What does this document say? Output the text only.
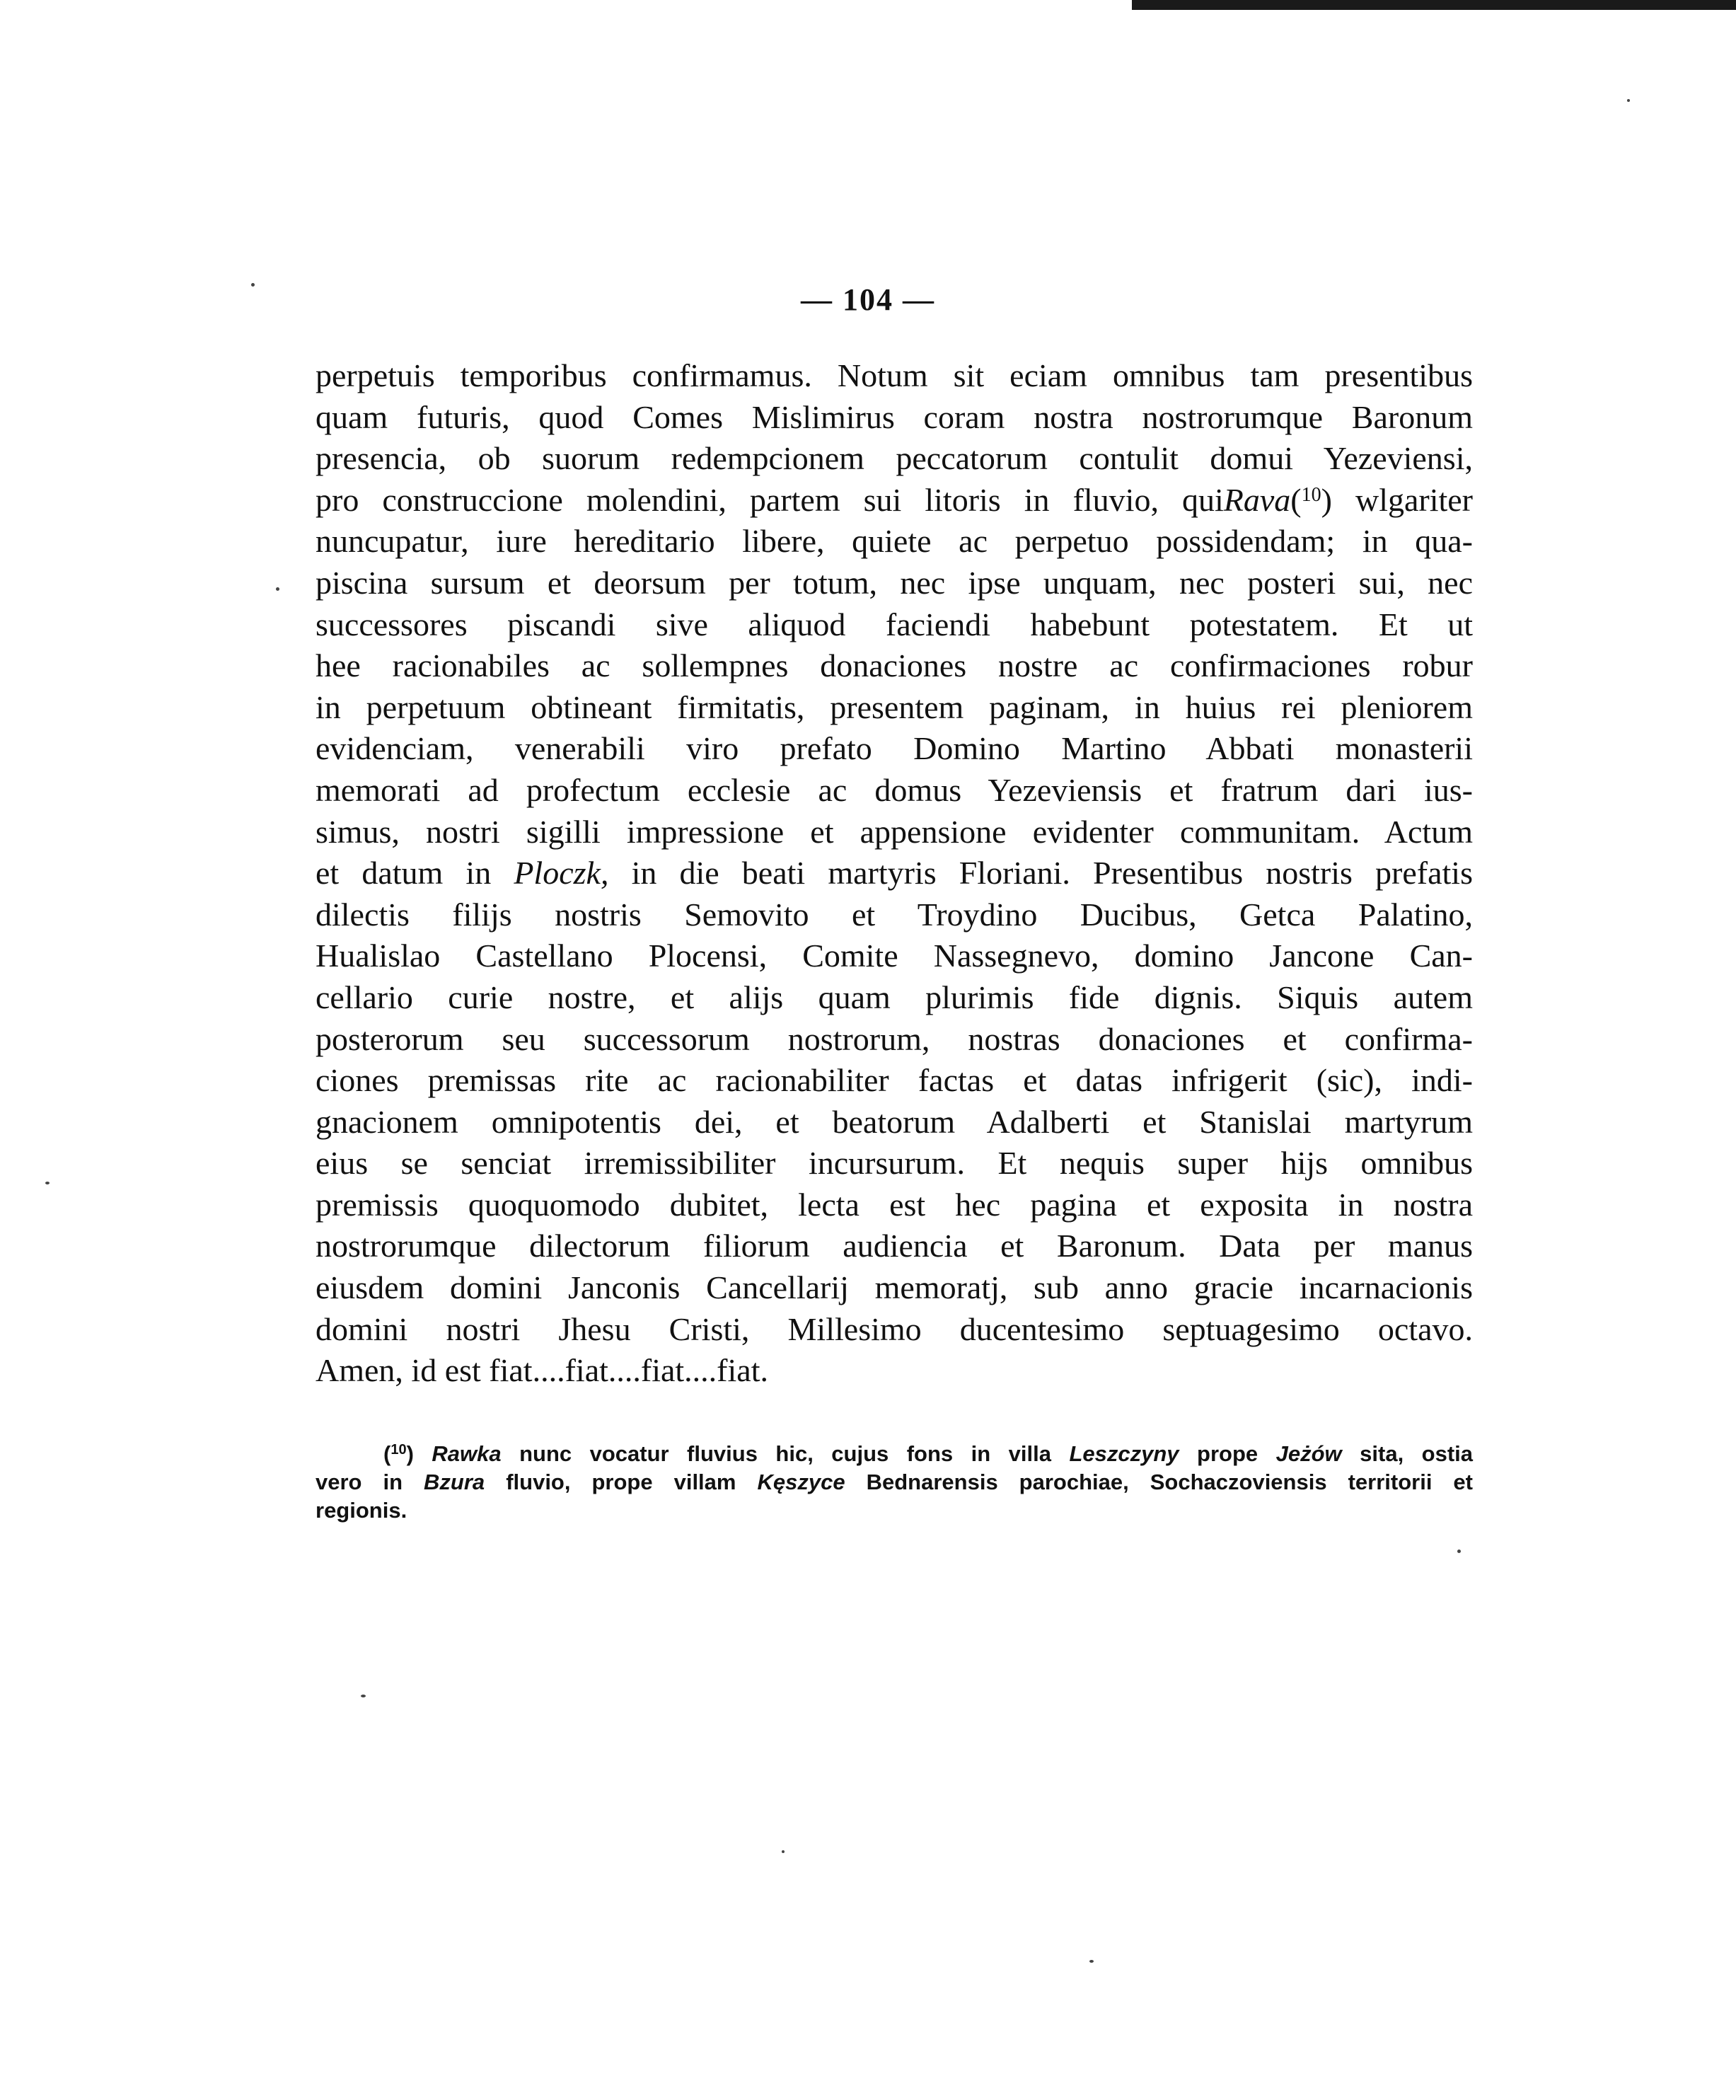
— 104 —
perpetuis temporibus confirmamus. Notum sit eciam omnibus tam presentibus
quam futuris, quod Comes Mislimirus coram nostra nostrorumque Baronum
presencia, ob suorum redempcionem peccatorum contulit domui Yezeviensi,
pro construccione molendini, partem sui litoris in fluvio, quiRava($^{10}$) wlgariter
nuncupatur, iure hereditario libere, quiete ac perpetuo possidendam; in qua-
piscina sursum et deorsum per totum, nec ipse unquam, nec posteri sui, nec
successores piscandi sive aliquod faciendi habebunt potestatem. Et ut
hee racionabiles ac sollempnes donaciones nostre ac confirmaciones robur
in perpetuum obtineant firmitatis, presentem paginam, in huius rei pleniorem
evidenciam, venerabili viro prefato Domino Martino Abbati monasterii
memorati ad profectum ecclesie ac domus Yezeviensis et fratrum dari ius-
simus, nostri sigilli impressione et appensione evidenter communitam. Actum
et datum in Ploczk, in die beati martyris Floriani. Presentibus nostris prefatis
dilectis filijs nostris Semovito et Troydino Ducibus, Getca Palatino,
Hualislao Castellano Plocensi, Comite Nassegnevo, domino Jancone Can-
cellario curie nostre, et alijs quam plurimis fide dignis. Siquis autem
posterorum seu successorum nostrorum, nostras donaciones et confirma-
ciones premissas rite ac racionabiliter factas et datas infrigerit (sic), indi-
gnacionem omnipotentis dei, et beatorum Adalberti et Stanislai martyrum
eius se senciat irremissibiliter incursurum. Et nequis super hijs omnibus
premissis quoquomodo dubitet, lecta est hec pagina et exposita in nostra
nostrorumque dilectorum filiorum audiencia et Baronum. Data per manus
eiusdem domini Janconis Cancellarij memoratj, sub anno gracie incarnacionis
domini nostri Jhesu Cristi, Millesimo ducentesimo septuagesimo octavo.
Amen, id est fiat....fiat....fiat....fiat.
($^{10}$) Rawka nunc vocatur fluvius hic, cujus fons in villa Leszczyny prope Jeżów sita, ostia
vero in Bzura fluvio, prope villam Kęszyce Bednarensis parochiae, Sochaczoviensis territorii et
regionis.
